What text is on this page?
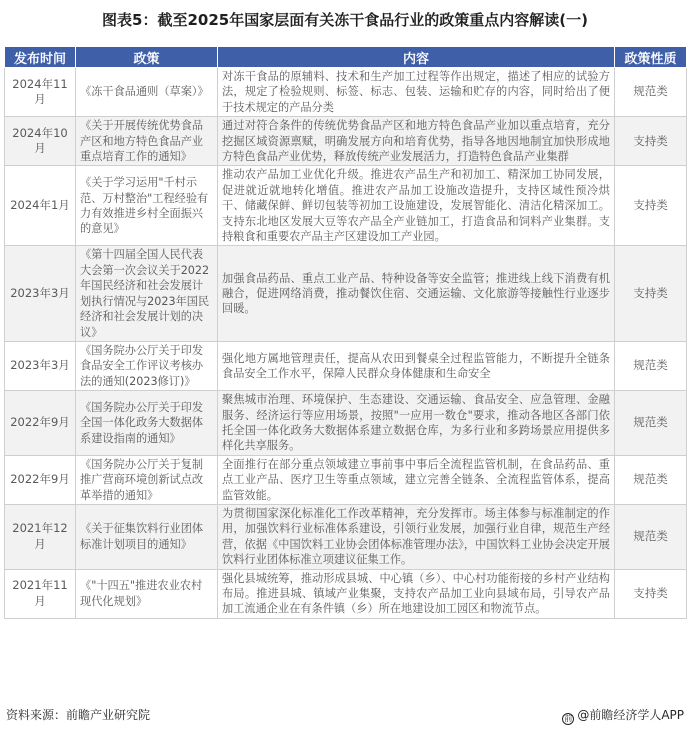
图表5：截至2025年国家层面有关冻干食品行业的政策重点内容解读(一)
发布时间	政策	内容	政策性质
2024年11月	《冻干食品通则（草案）》	对冻干食品的原辅料、技术和生产加工过程等作出规定，描述了相应的试验方法，规定了检验规则、标签、标志、包装、运输和贮存的内容，同时给出了便于技术规定的产品分类	规范类
2024年10月	《关于开展传统优势食品产区和地方特色食品产业重点培育工作的通知》	通过对符合条件的传统优势食品产区和地方特色食品产业加以重点培育，充分挖掘区域资源禀赋，明确发展方向和培育优势，指导各地因地制宜加快形成地方特色食品产业优势，释放传统产业发展活力，打造特色食品产业集群	支持类
2024年1月	《关于学习运用"千村示范、万村整治"工程经验有力有效推进乡村全面振兴的意见》	推动农产品加工业优化升级。推进农产品生产和初加工、精深加工协同发展，促进就近就地转化增值。推进农产品加工设施改造提升，支持区域性预冷烘干、储藏保鲜、鲜切包装等初加工设施建设，发展智能化、清洁化精深加工。支持东北地区发展大豆等农产品全产业链加工，打造食品和饲料产业集群。支持粮食和重要农产品主产区建设加工产业园。	支持类
2023年3月	《第十四届全国人民代表大会第一次会议关于2022年国民经济和社会发展计划执行情况与2023年国民经济和社会发展计划的决议》	加强食品药品、重点工业产品、特种设备等安全监管；推进线上线下消费有机融合，促进网络消费，推动餐饮住宿、交通运输、文化旅游等接触性行业逐步回暖。	支持类
2023年3月	《国务院办公厅关于印发食品安全工作评议考核办法的通知(2023修订)》	强化地方属地管理责任，提高从农田到餐桌全过程监管能力，不断提升全链条食品安全工作水平，保障人民群众身体健康和生命安全	规范类
2022年9月	《国务院办公厅关于印发全国一体化政务大数据体系建设指南的通知》	聚焦城市治理、环境保护、生态建设、交通运输、食品安全、应急管理、金融服务、经济运行等应用场景，按照"一应用一数仓"要求，推动各地区各部门依托全国一体化政务大数据体系建立数据仓库，为多行业和多跨场景应用提供多样化共享服务。	规范类
2022年9月	《国务院办公厅关于复制推广营商环境创新试点改革举措的通知》	全面推行在部分重点领域建立事前事中事后全流程监管机制，在食品药品、重点工业产品、医疗卫生等重点领域，建立完善全链条、全流程监管体系，提高监管效能。	规范类
2021年12月	《关于征集饮料行业团体标准计划项目的通知》	为贯彻国家深化标准化工作改革精神，充分发挥市。场主体参与标准制定的作用，加强饮料行业标准体系建设，引领行业发展，加强行业自律，规范生产经营，依据《中国饮料工业协会团体标准管理办法》，中国饮料工业协会决定开展饮料行业团体标准立项建议征集工作。	规范类
2021年11月	《"十四五"推进农业农村现代化规划》	强化县城统筹，推动形成县城、中心镇（乡）、中心村功能衔接的乡村产业结构布局。推进县城、镇域产业集聚，支持农产品加工业向县域布局，引导农产品加工流通企业在有条件镇（乡）所在地建设加工园区和物流节点。	支持类
资料来源：前瞻产业研究院	前 @前瞻经济学人APP
